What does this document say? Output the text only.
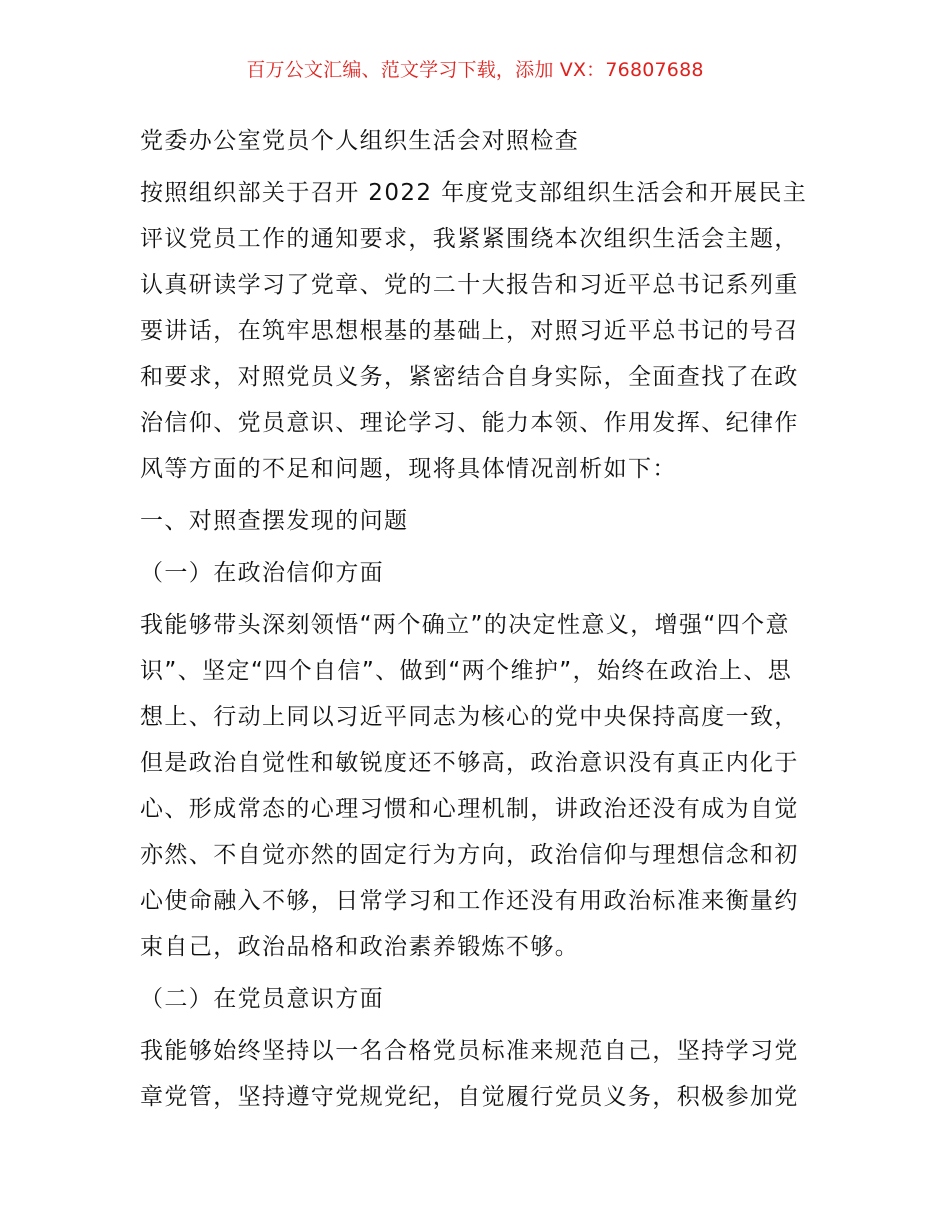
百万公文汇编、范文学习下载，添加 VX：76807688
党委办公室党员个人组织生活会对照检查
按照组织部关于召开 2022 年度党支部组织生活会和开展民主
评议党员工作的通知要求，我紧紧围绕本次组织生活会主题，
认真研读学习了党章、党的二十大报告和习近平总书记系列重
要讲话，在筑牢思想根基的基础上，对照习近平总书记的号召
和要求，对照党员义务，紧密结合自身实际，全面查找了在政
治信仰、党员意识、理论学习、能力本领、作用发挥、纪律作
风等方面的不足和问题，现将具体情况剖析如下：
一、对照查摆发现的问题
（一）在政治信仰方面
我能够带头深刻领悟“两个确立”的决定性意义，增强“四个意
识”、坚定“四个自信”、做到“两个维护”，始终在政治上、思
想上、行动上同以习近平同志为核心的党中央保持高度一致，
但是政治自觉性和敏锐度还不够高，政治意识没有真正内化于
心、形成常态的心理习惯和心理机制，讲政治还没有成为自觉
亦然、不自觉亦然的固定行为方向，政治信仰与理想信念和初
心使命融入不够，日常学习和工作还没有用政治标准来衡量约
束自己，政治品格和政治素养锻炼不够。
（二）在党员意识方面
我能够始终坚持以一名合格党员标准来规范自己，坚持学习党
章党管，坚持遵守党规党纪，自觉履行党员义务，积极参加党
